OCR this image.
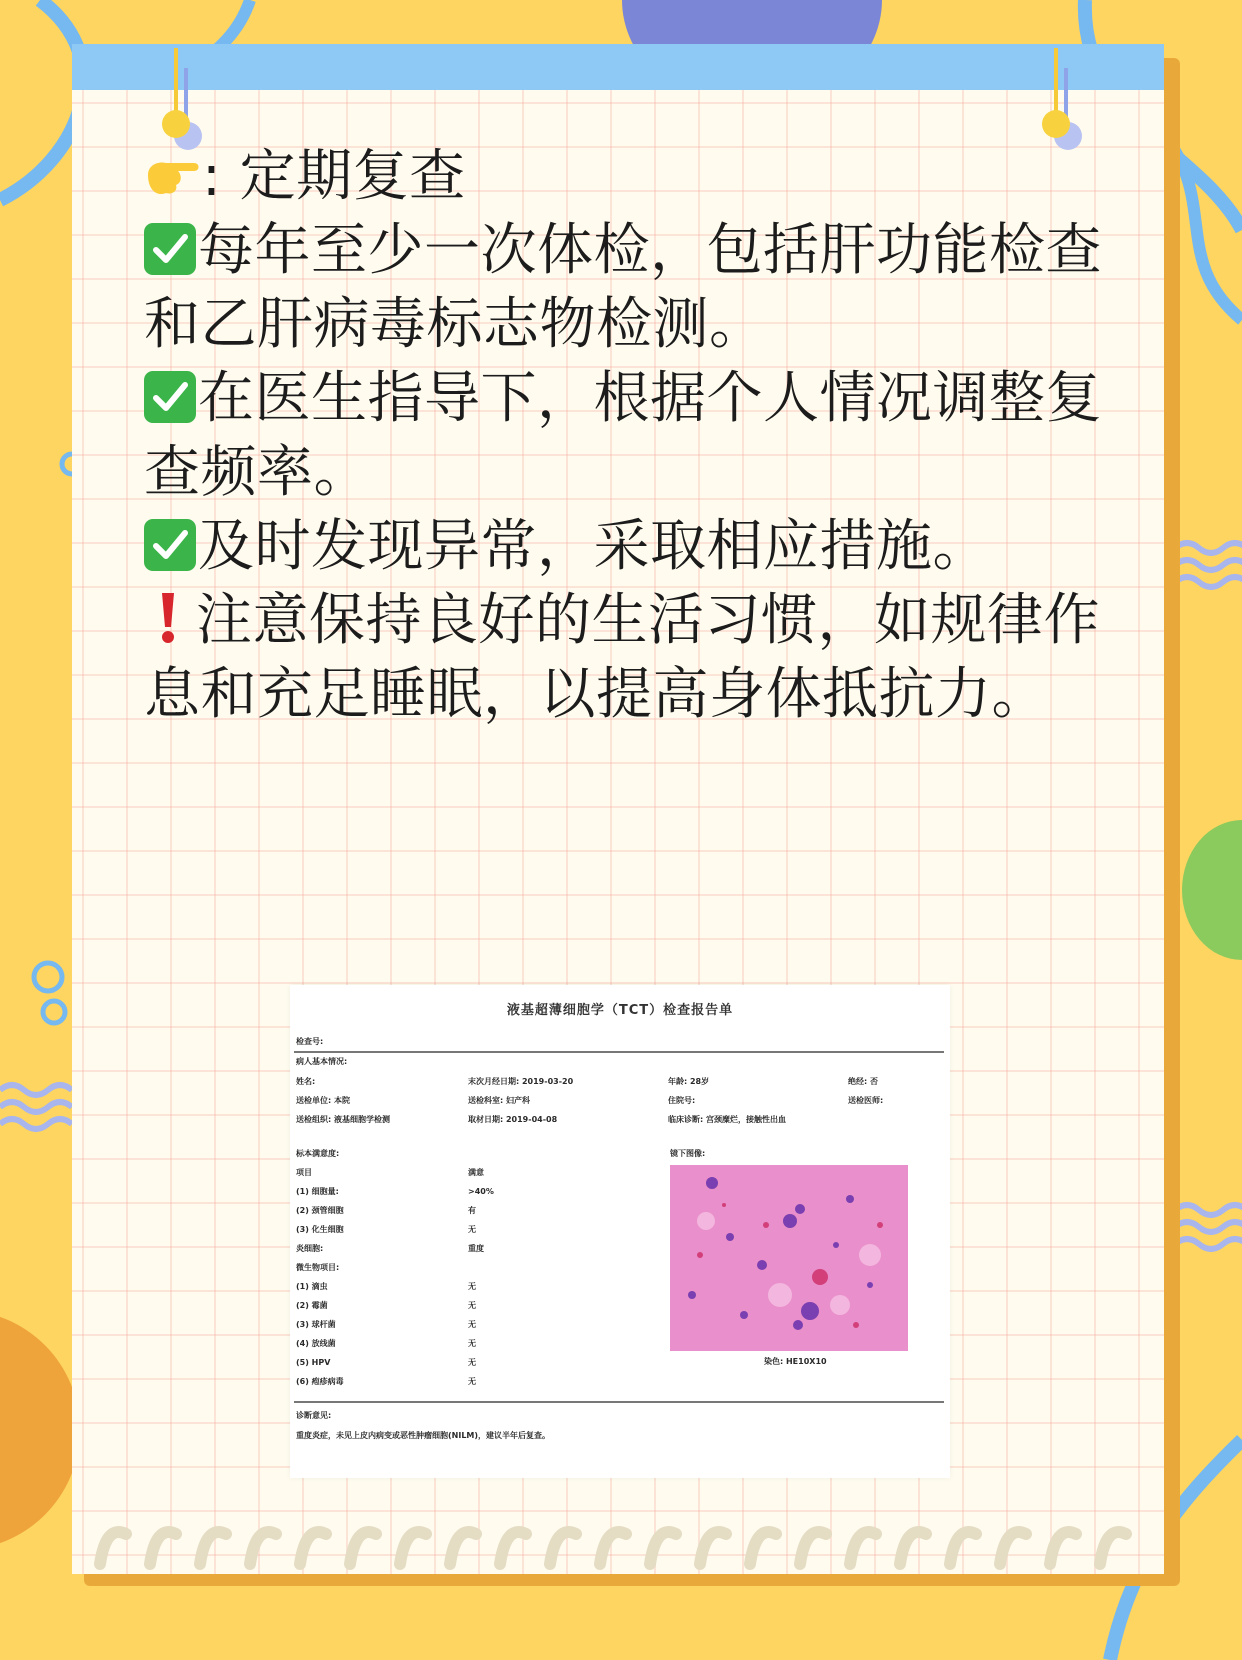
: 定期复查
每年至少一次体检，包括肝功能检查和乙肝病毒标志物检测。
在医生指导下，根据个人情况调整复查频率。
及时发现异常，采取相应措施。
注意保持良好的生活习惯，如规律作息和充足睡眠，以提高身体抵抗力。
液基超薄细胞学（TCT）检查报告单
检查号:
病人基本情况:
姓名:	末次月经日期: 2019-03-20	年龄: 28岁	绝经: 否
送检单位: 本院	送检科室: 妇产科	住院号:	送检医师:
送检组织: 液基细胞学检测	取材日期: 2019-04-08	临床诊断: 宫颈糜烂，接触性出血
标本满意度:	镜下图像:
项目	满意
(1) 细胞量:	>40%
(2) 颈管细胞	有
(3) 化生细胞	无
炎细胞:	重度
微生物项目:
(1) 滴虫	无
(2) 霉菌	无
(3) 球杆菌	无
(4) 放线菌	无
(5) HPV	无
(6) 疱疹病毒	无
染色: HE10X10
诊断意见:
重度炎症，未见上皮内病变或恶性肿瘤细胞(NILM)，建议半年后复查。
